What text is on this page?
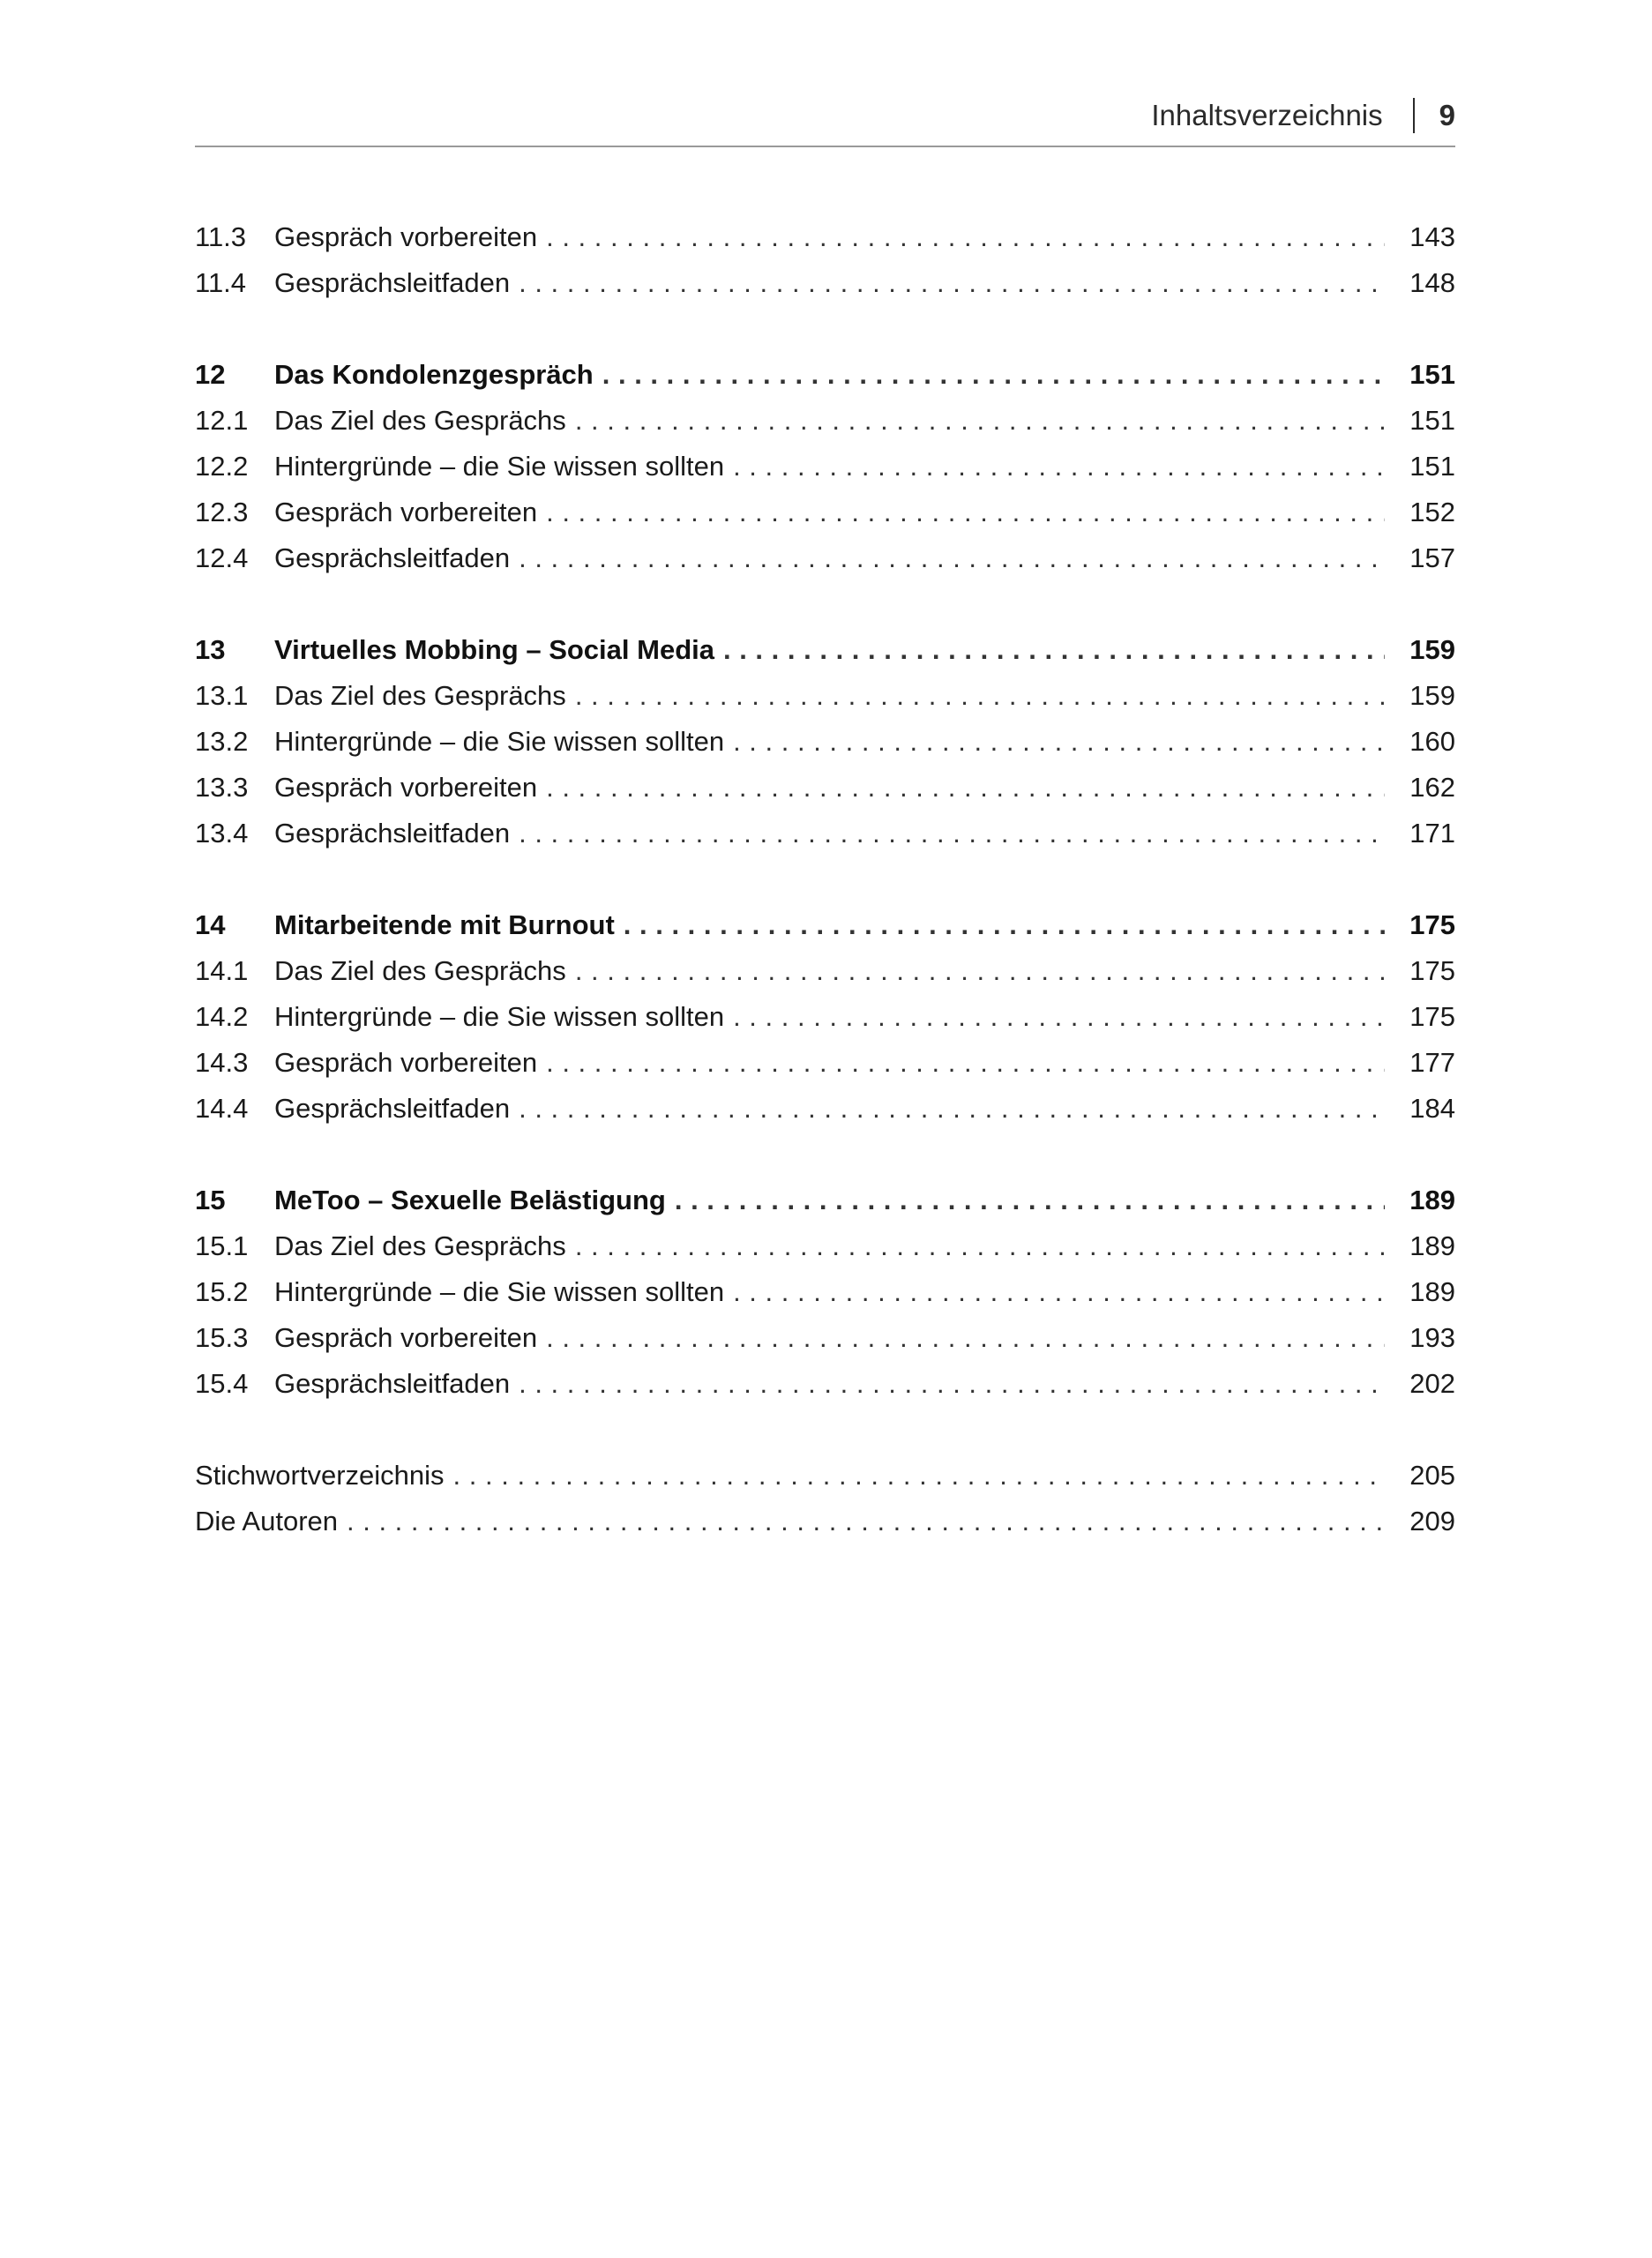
Inhaltsverzeichnis 9
11.3	Gespräch vorbereiten . . .	143
11.4	Gesprächsleitfaden . . .	148
12	Das Kondolenzgespräch . . .	151
12.1 Das Ziel des Gesprächs . . .	151
12.2 Hintergründe – die Sie wissen sollten . . .	151
12.3 Gespräch vorbereiten . . .	152
12.4 Gesprächsleitfaden . . .	157
13	Virtuelles Mobbing – Social Media . . .	159
13.1 Das Ziel des Gesprächs . . .	159
13.2 Hintergründe – die Sie wissen sollten . . .	160
13.3 Gespräch vorbereiten . . .	162
13.4 Gesprächsleitfaden . . .	171
14	Mitarbeitende mit Burnout . . .	175
14.1 Das Ziel des Gesprächs . . .	175
14.2 Hintergründe – die Sie wissen sollten . . .	175
14.3 Gespräch vorbereiten . . .	177
14.4 Gesprächsleitfaden . . .	184
15	MeToo – Sexuelle Belästigung . . .	189
15.1 Das Ziel des Gesprächs . . .	189
15.2 Hintergründe – die Sie wissen sollten . . .	189
15.3 Gespräch vorbereiten . . .	193
15.4 Gesprächsleitfaden . . .	202
Stichwortverzeichnis . . .	205
Die Autoren . . .	209
